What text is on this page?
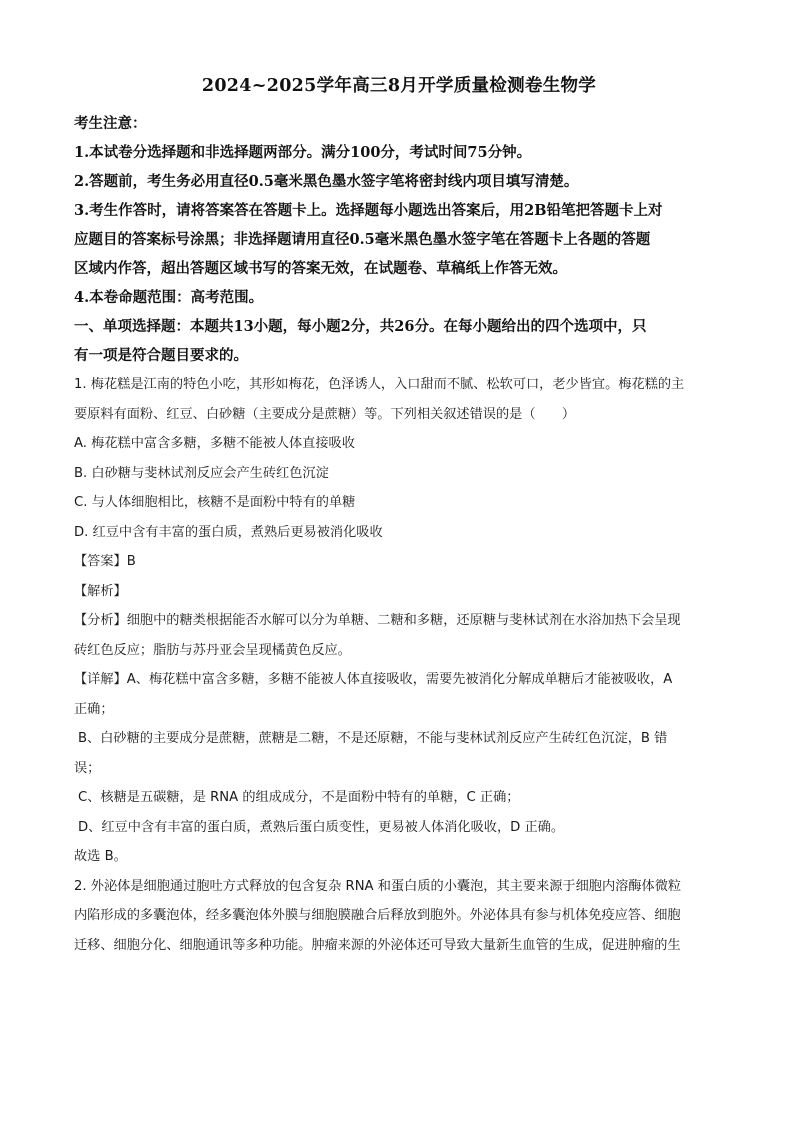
2024~2025学年高三8月开学质量检测卷生物学

考生注意：

1.本试卷分选择题和非选择题两部分。满分100分，考试时间75分钟。

2.答题前，考生务必用直径0.5毫米黑色墨水签字笔将密封线内项目填写清楚。

3.考生作答时，请将答案答在答题卡上。选择题每小题选出答案后，用2B铅笔把答题卡上对

应题目的答案标号涂黑；非选择题请用直径0.5毫米黑色墨水签字笔在答题卡上各题的答题

区域内作答，超出答题区域书写的答案无效，在试题卷、草稿纸上作答无效。

4.本卷命题范围：高考范围。

一、单项选择题：本题共13小题，每小题2分，共26分。在每小题给出的四个选项中，只

有一项是符合题目要求的。

1. 梅花糕是江南的特色小吃，其形如梅花，色泽诱人，入口甜而不腻、松软可口，老少皆宜。梅花糕的主

要原料有面粉、红豆、白砂糖（主要成分是蔗糖）等。下列相关叙述错误的是（　　）

A. 梅花糕中富含多糖，多糖不能被人体直接吸收

B. 白砂糖与斐林试剂反应会产生砖红色沉淀

C. 与人体细胞相比，核糖不是面粉中特有的单糖

D. 红豆中含有丰富的蛋白质，煮熟后更易被消化吸收

【答案】B

【解析】

【分析】细胞中的糖类根据能否水解可以分为单糖、二糖和多糖，还原糖与斐林试剂在水浴加热下会呈现

砖红色反应；脂肪与苏丹亚会呈现橘黄色反应。

【详解】A、梅花糕中富含多糖，多糖不能被人体直接吸收，需要先被消化分解成单糖后才能被吸收，A

正确；

B、白砂糖的主要成分是蔗糖，蔗糖是二糖，不是还原糖，不能与斐林试剂反应产生砖红色沉淀，B 错

误；

C、核糖是五碳糖，是 RNA 的组成成分，不是面粉中特有的单糖，C 正确；

D、红豆中含有丰富的蛋白质，煮熟后蛋白质变性，更易被人体消化吸收，D 正确。

故选 B。

2. 外泌体是细胞通过胞吐方式释放的包含复杂 RNA 和蛋白质的小囊泡，其主要来源于细胞内溶酶体微粒

内陷形成的多囊泡体，经多囊泡体外膜与细胞膜融合后释放到胞外。外泌体具有参与机体免疫应答、细胞

迁移、细胞分化、细胞通讯等多种功能。肿瘤来源的外泌体还可导致大量新生血管的生成，促进肿瘤的生
